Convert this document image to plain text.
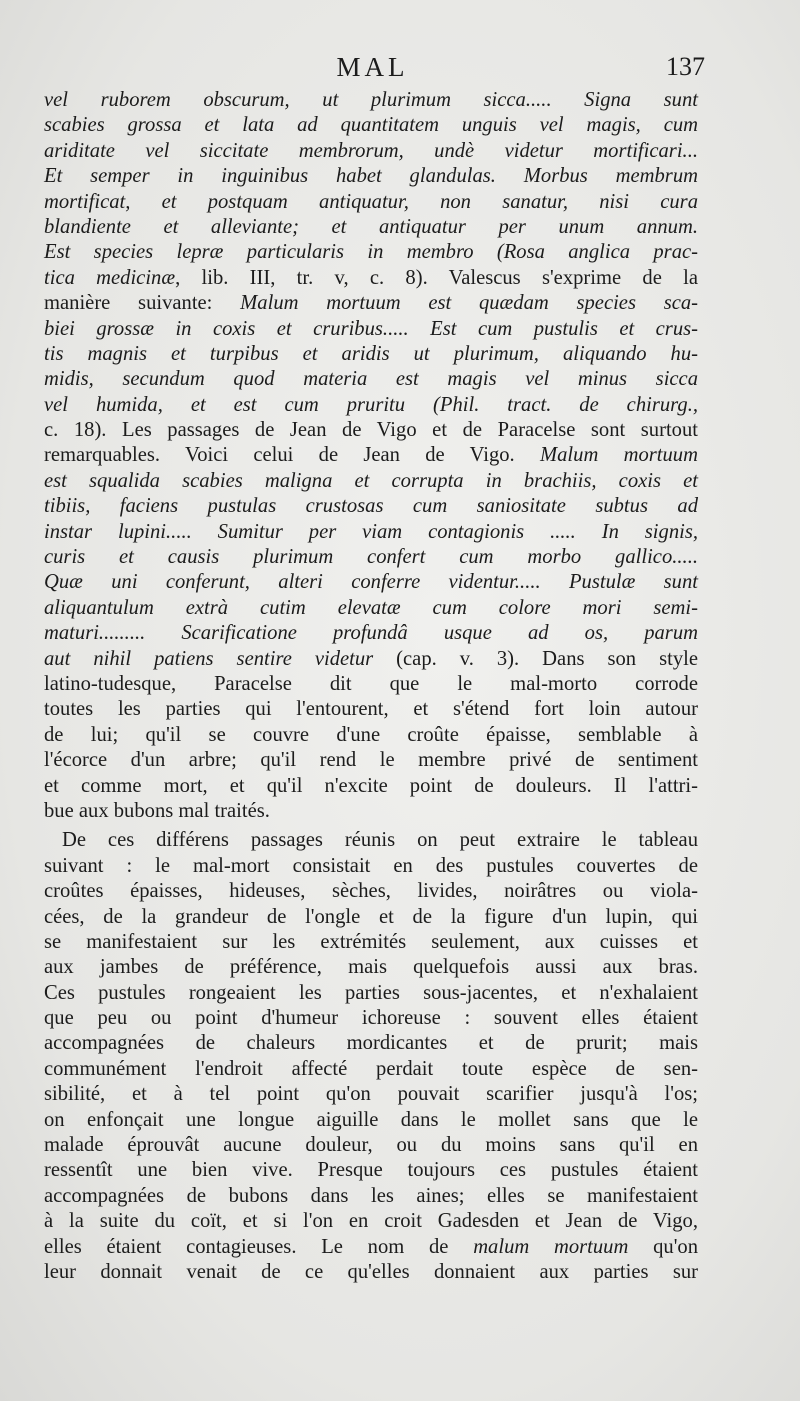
MAL	137
vel ruborem obscurum, ut plurimum sicca..... Signa sunt
scabies grossa et lata ad quantitatem unguis vel magis, cum
ariditate vel siccitate membrorum, undè videtur mortificari...
Et semper in inguinibus habet glandulas. Morbus membrum
mortificat, et postquam antiquatur, non sanatur, nisi cura
blandiente et alleviante; et antiquatur per unum annum.
Est species lepræ particularis in membro (Rosa anglica prac-
tica medicinæ, lib. III, tr. v, c. 8). Valescus s'exprime de la
manière suivante: Malum mortuum est quædam species sca-
biei grossæ in coxis et cruribus..... Est cum pustulis et crus-
tis magnis et turpibus et aridis ut plurimum, aliquando hu-
midis, secundum quod materia est magis vel minus sicca
vel humida, et est cum pruritu (Phil. tract. de chirurg.,
c. 18). Les passages de Jean de Vigo et de Paracelse sont surtout
remarquables. Voici celui de Jean de Vigo. Malum mortuum
est squalida scabies maligna et corrupta in brachiis, coxis et
tibiis, faciens pustulas crustosas cum saniositate subtus ad
instar lupini..... Sumitur per viam contagionis ..... In signis,
curis et causis plurimum confert cum morbo gallico.....
Quæ uni conferunt, alteri conferre videntur..... Pustulæ sunt
aliquantulum extrà cutim elevatæ cum colore mori semi-
maturi......... Scarificatione profundâ usque ad os, parum
aut nihil patiens sentire videtur (cap. v. 3). Dans son style
latino-tudesque, Paracelse dit que le mal-morto corrode
toutes les parties qui l'entourent, et s'étend fort loin autour
de lui; qu'il se couvre d'une croûte épaisse, semblable à
l'écorce d'un arbre; qu'il rend le membre privé de sentiment
et comme mort, et qu'il n'excite point de douleurs. Il l'attri-
bue aux bubons mal traités.
De ces différens passages réunis on peut extraire le tableau
suivant : le mal-mort consistait en des pustules couvertes de
croûtes épaisses, hideuses, sèches, livides, noirâtres ou viola-
cées, de la grandeur de l'ongle et de la figure d'un lupin, qui
se manifestaient sur les extrémités seulement, aux cuisses et
aux jambes de préférence, mais quelquefois aussi aux bras.
Ces pustules rongeaient les parties sous-jacentes, et n'exhalaient
que peu ou point d'humeur ichoreuse : souvent elles étaient
accompagnées de chaleurs mordicantes et de prurit; mais
communément l'endroit affecté perdait toute espèce de sen-
sibilité, et à tel point qu'on pouvait scarifier jusqu'à l'os;
on enfonçait une longue aiguille dans le mollet sans que le
malade éprouvât aucune douleur, ou du moins sans qu'il en
ressentît une bien vive. Presque toujours ces pustules étaient
accompagnées de bubons dans les aines; elles se manifestaient
à la suite du coït, et si l'on en croit Gadesden et Jean de Vigo,
elles étaient contagieuses. Le nom de malum mortuum qu'on
leur donnait venait de ce qu'elles donnaient aux parties sur
